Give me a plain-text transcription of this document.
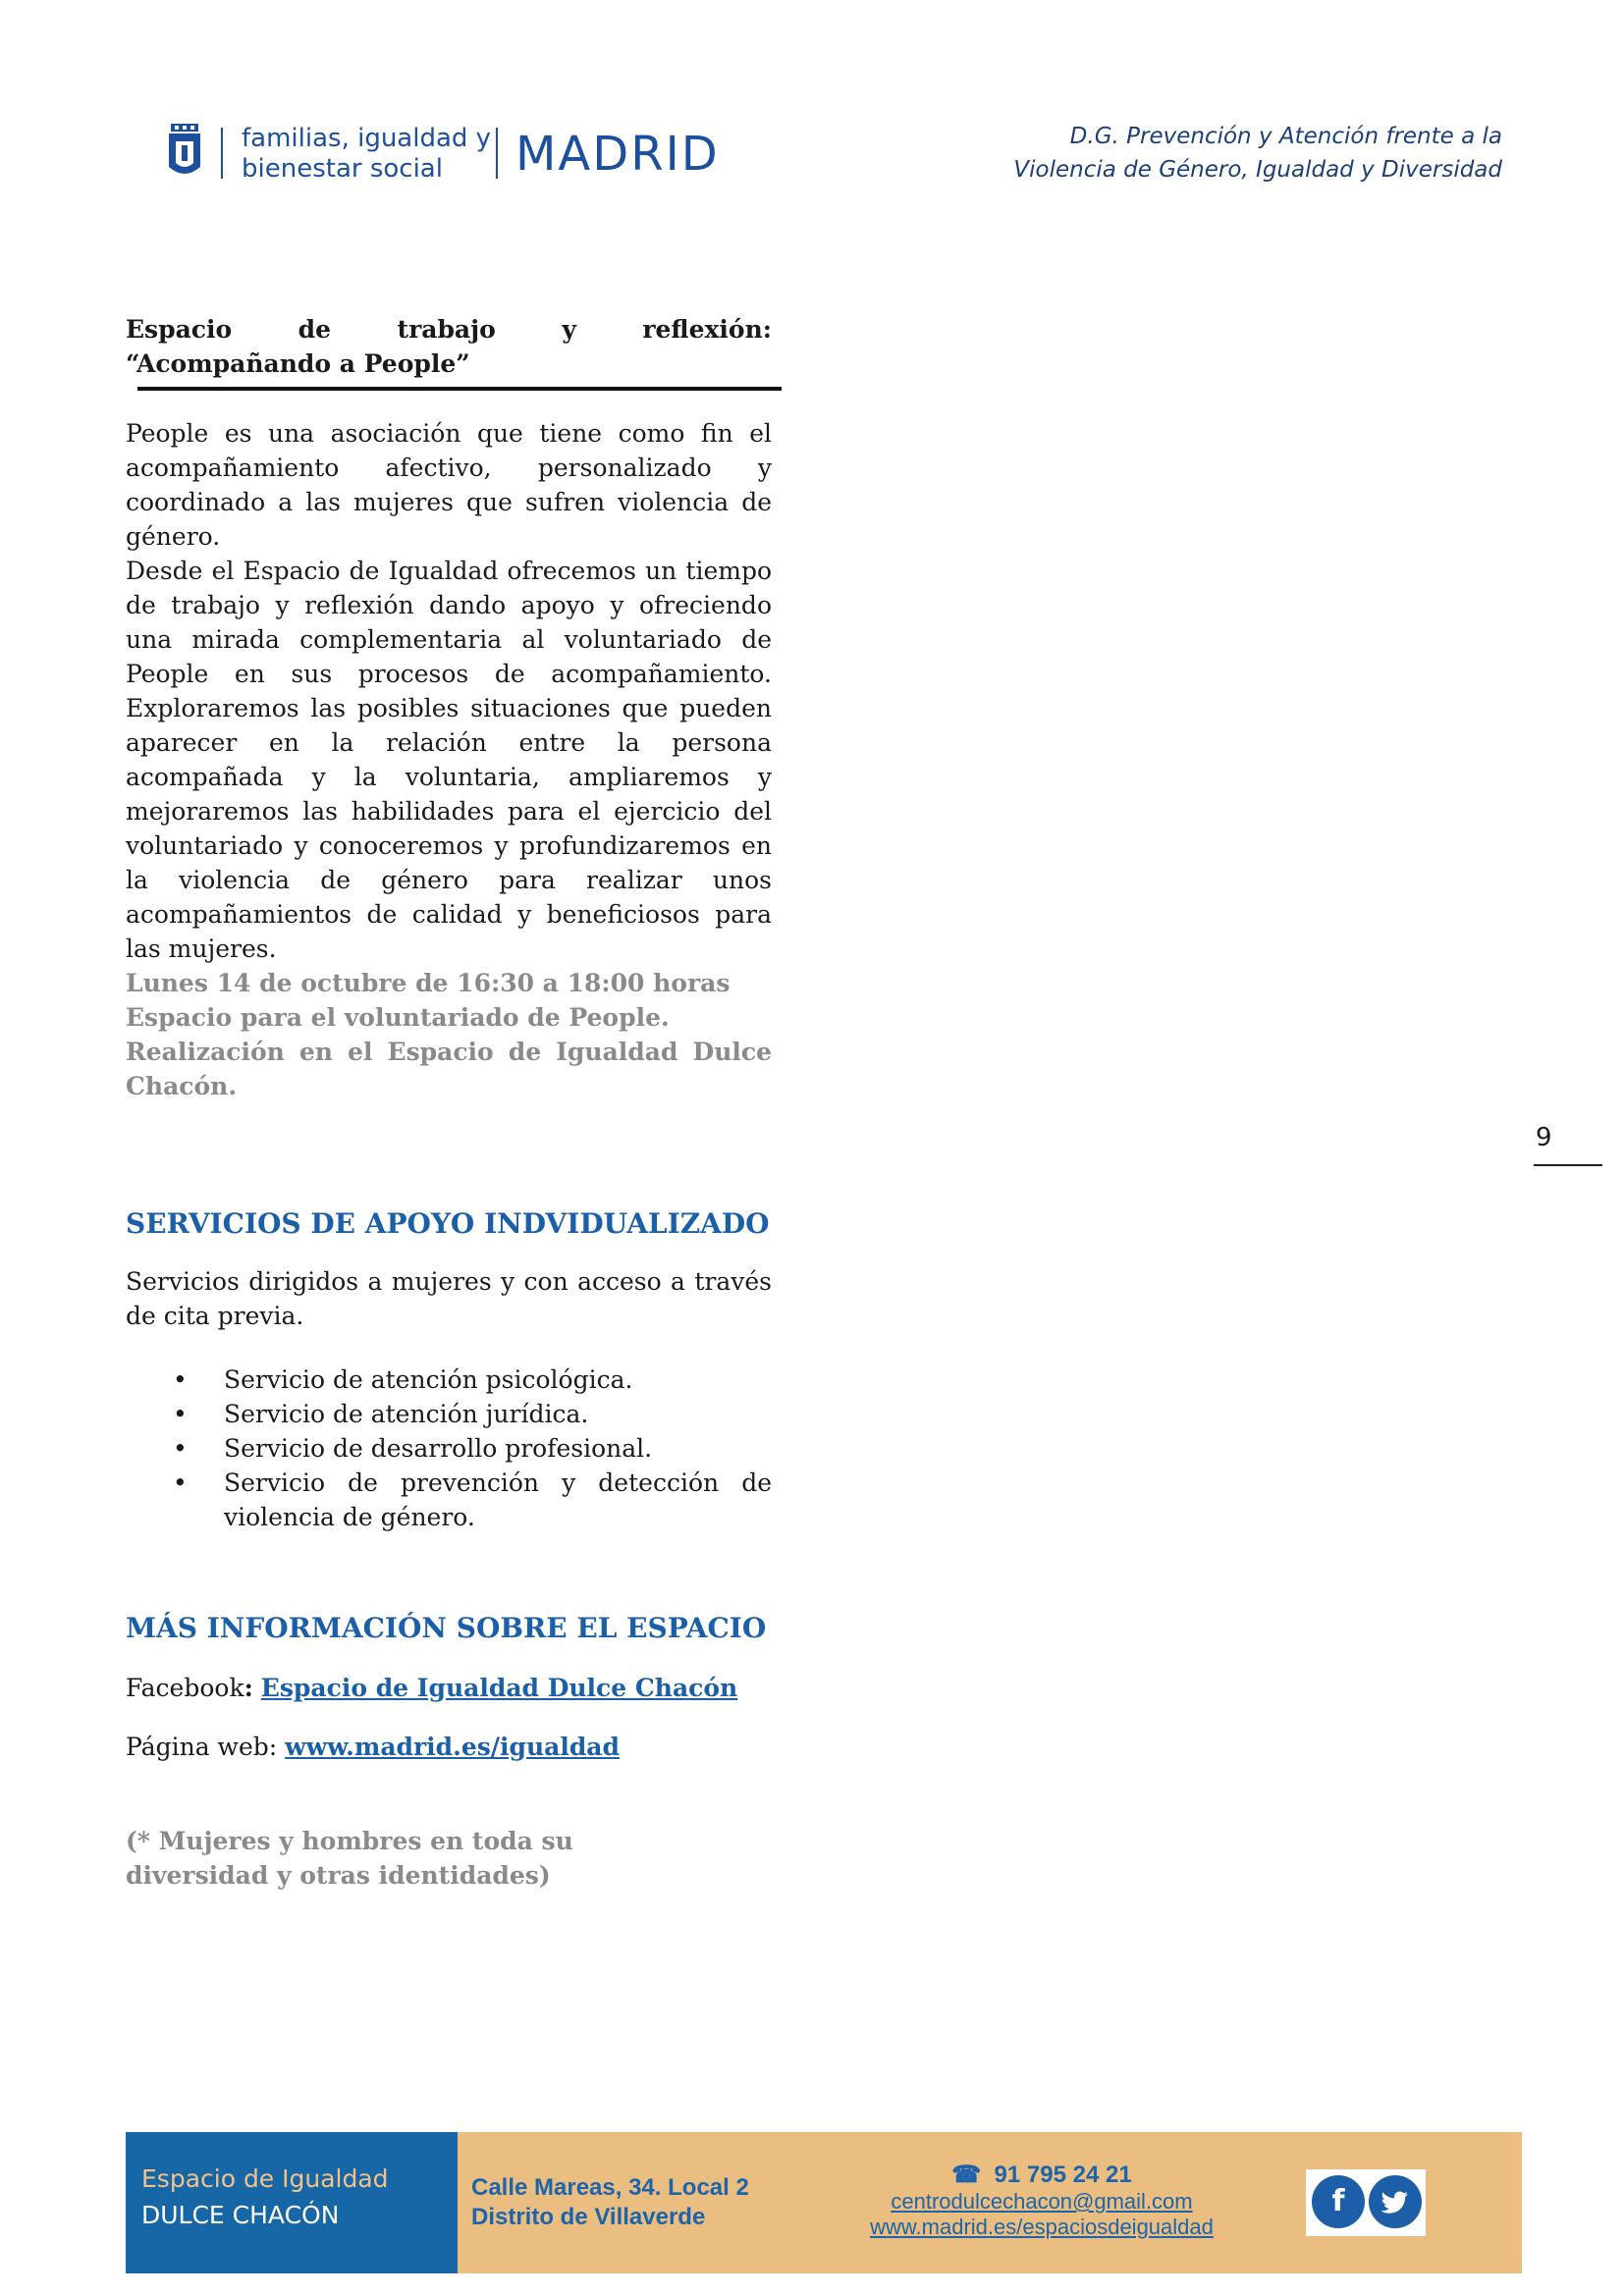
familias, igualdad y
bienestar social	MADRID	D.G. Prevención y Atención frente a la
Violencia de Género, Igualdad y Diversidad
Espacio	de	trabajo	y	reflexión:
“Acompañando a People”

People es una asociación que tiene como fin el acompañamiento afectivo, personalizado y coordinado a las mujeres que sufren violencia de género.

Desde el Espacio de Igualdad ofrecemos un tiempo de trabajo y reflexión dando apoyo y ofreciendo una mirada complementaria al voluntariado de People en sus procesos de acompañamiento. Exploraremos las posibles situaciones que pueden aparecer en la relación entre la persona acompañada y la voluntaria, ampliaremos y mejoraremos las habilidades para el ejercicio del voluntariado y conoceremos y profundizaremos en la violencia de género para realizar unos acompañamientos de calidad y beneficiosos para las mujeres.

Lunes 14 de octubre de 16:30 a 18:00 horas
Espacio para el voluntariado de People.
Realización en el Espacio de Igualdad Dulce Chacón.
SERVICIOS DE APOYO INDVIDUALIZADO
Servicios dirigidos a mujeres y con acceso a través de cita previa.
• Servicio de atención psicológica.
• Servicio de atención jurídica.
• Servicio de desarrollo profesional.
• Servicio de prevención y detección de violencia de género.
MÁS INFORMACIÓN SOBRE EL ESPACIO
Facebook: Espacio de Igualdad Dulce Chacón
Página web: www.madrid.es/igualdad
(* Mujeres y hombres en toda su diversidad y otras identidades)
9
Espacio de Igualdad
DULCE CHACÓN
Calle Mareas, 34. Local 2
Distrito de Villaverde
☎ 91 795 24 21
centrodulcechacon@gmail.com
www.madrid.es/espaciosdeigualdad
f
